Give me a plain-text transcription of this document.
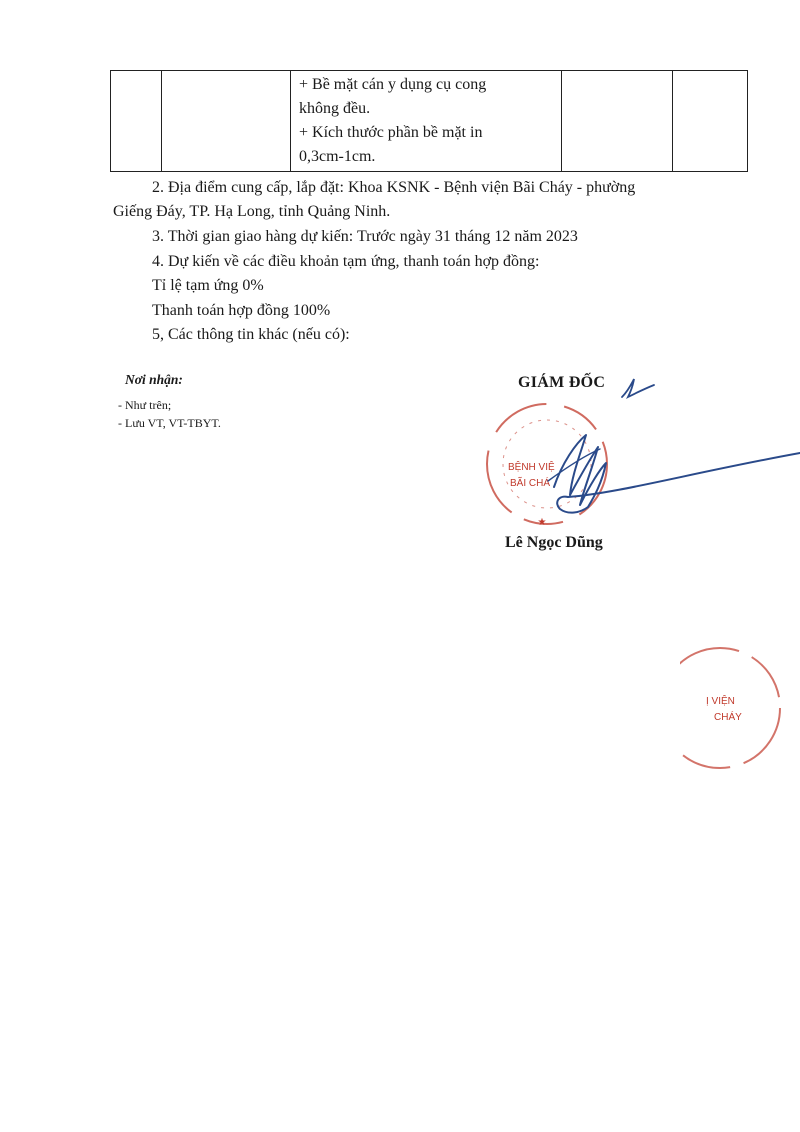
+ Bề mặt cán y dụng cụ cong
không đều.
+ Kích thước phần bề mặt in
0,3cm-1cm.

2. Địa điểm cung cấp, lắp đặt: Khoa KSNK - Bệnh viện Bãi Cháy - phường
Giếng Đáy, TP. Hạ Long, tỉnh Quảng Ninh.
3. Thời gian giao hàng dự kiến: Trước ngày 31 tháng 12 năm 2023
4. Dự kiến về các điều khoản tạm ứng, thanh toán hợp đồng:
Tỉ lệ tạm ứng 0%
Thanh toán hợp đồng 100%
5, Các thông tin khác (nếu có):
Nơi nhận:
- Như trên;
- Lưu VT, VT-TBYT.
GIÁM ĐỐC
BỆNH VIỆ
BÃI CHÁ
★
Lê Ngọc Dũng
Ị VIỆN
CHÁY
